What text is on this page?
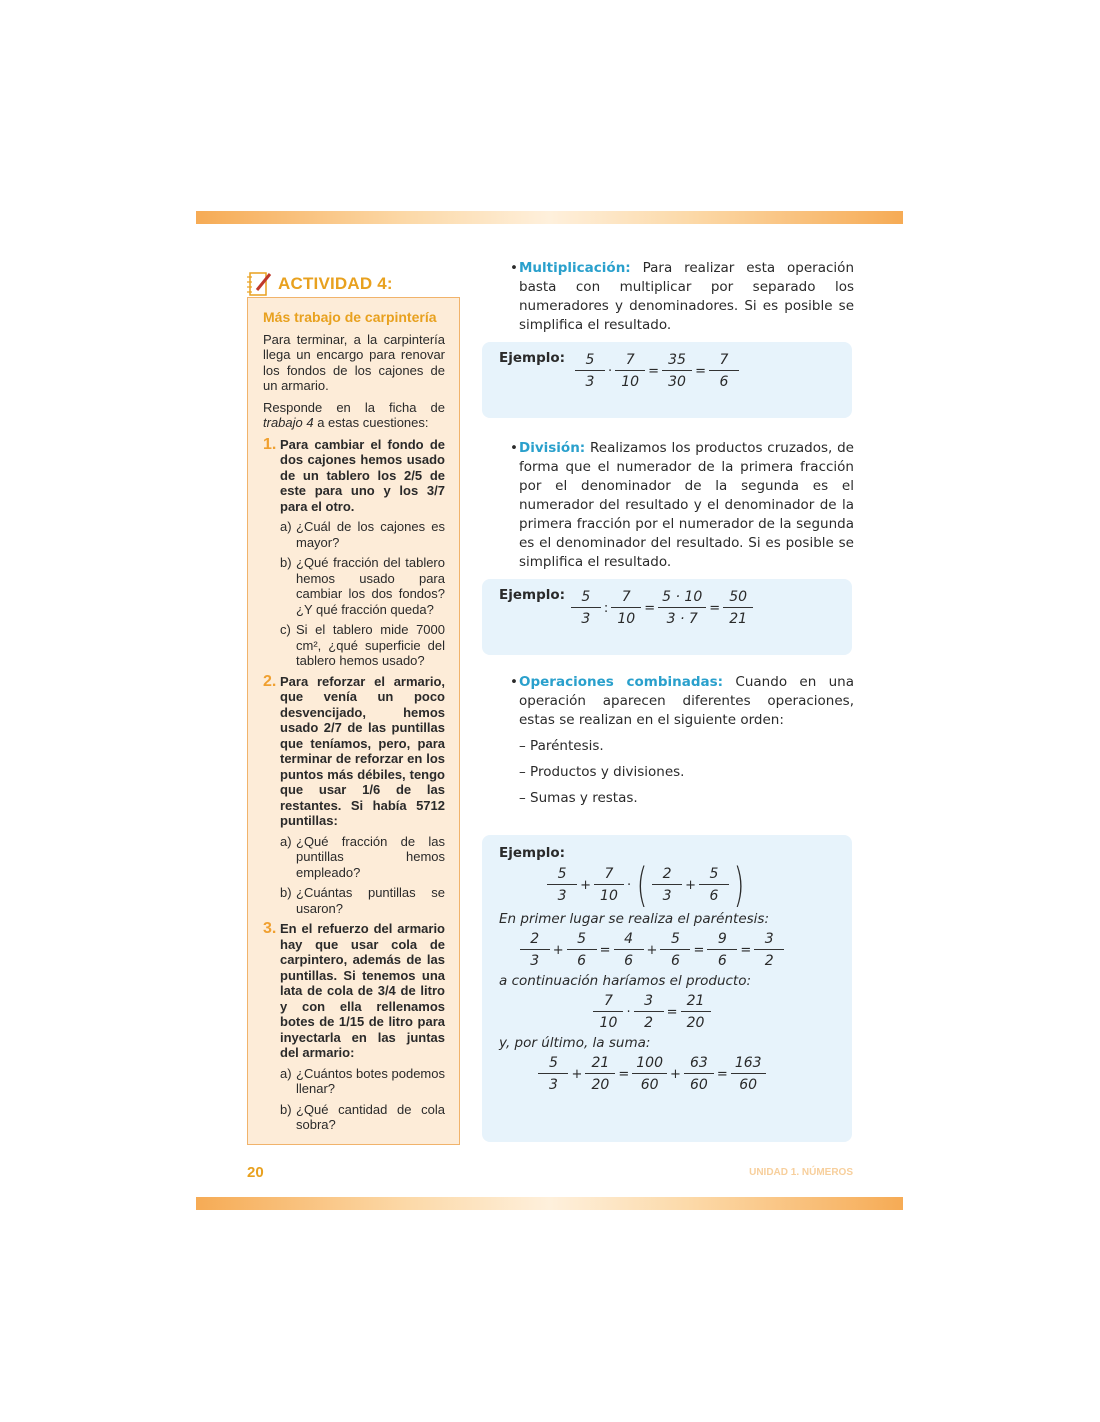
ACTIVIDAD 4:
Más trabajo de carpintería

Para terminar, a la carpintería llega un encargo para renovar los fondos de los cajones de un armario.

Responde en la ficha de trabajo 4 a estas cuestiones:

1. Para cambiar el fondo de dos cajones hemos usado de un tablero los 2/5 de este para uno y los 3/7 para el otro.
a) ¿Cuál de los cajones es mayor?
b) ¿Qué fracción del tablero hemos usado para cambiar los dos fondos? ¿Y qué fracción queda?
c) Si el tablero mide 7000 cm², ¿qué superficie del tablero hemos usado?
2. Para reforzar el armario, que venía un poco desvencijado, hemos usado 2/7 de las puntillas que teníamos, pero, para terminar de reforzar en los puntos más débiles, tengo que usar 1/6 de las restantes. Si había 5712 puntillas:
a) ¿Qué fracción de las puntillas hemos empleado?
b) ¿Cuántas puntillas se usaron?
3. En el refuerzo del armario hay que usar cola de carpintero, además de las puntillas. Si tenemos una lata de cola de 3/4 de litro y con ella rellenamos botes de 1/15 de litro para inyectarla en las juntas del armario:
a) ¿Cuántos botes podemos llenar?
b) ¿Qué cantidad de cola sobra?
• Multiplicación: Para realizar esta operación basta con multiplicar por separado los numeradores y denominadores. Si es posible se simplifica el resultado.

Ejemplo: $\frac{5}{3} \cdot \frac{7}{10} = \frac{35}{30} = \frac{7}{6}$
• División: Realizamos los productos cruzados, de forma que el numerador de la primera fracción por el denominador de la segunda es el numerador del resultado y el denominador de la primera fracción por el numerador de la segunda es el denominador del resultado. Si es posible se simplifica el resultado.

Ejemplo: $\frac{5}{3}$ : $\frac{7}{10} = \frac{5 \cdot 10}{3 \cdot 7} = \frac{50}{21}$
• Operaciones combinadas: Cuando en una operación aparecen diferentes operaciones, estas se realizan en el siguiente orden:

– Paréntesis.
– Productos y divisiones.
– Sumas y restas.
Ejemplo:
$\frac{5}{3} + \frac{7}{10}$ · ( $\frac{2}{3} + \frac{5}{6}$ )
En primer lugar se realiza el paréntesis:
$\frac{2}{3} + \frac{5}{6} = \frac{4}{6} + \frac{5}{6} = \frac{9}{6} = \frac{3}{2}$
a continuación haríamos el producto:
$\frac{7}{10} \cdot \frac{3}{2} = \frac{21}{20}$
y, por último, la suma:
$\frac{5}{3} + \frac{21}{20} = \frac{100}{60} + \frac{63}{60} = \frac{163}{60}$
20	UNIDAD 1. NÚMEROS
